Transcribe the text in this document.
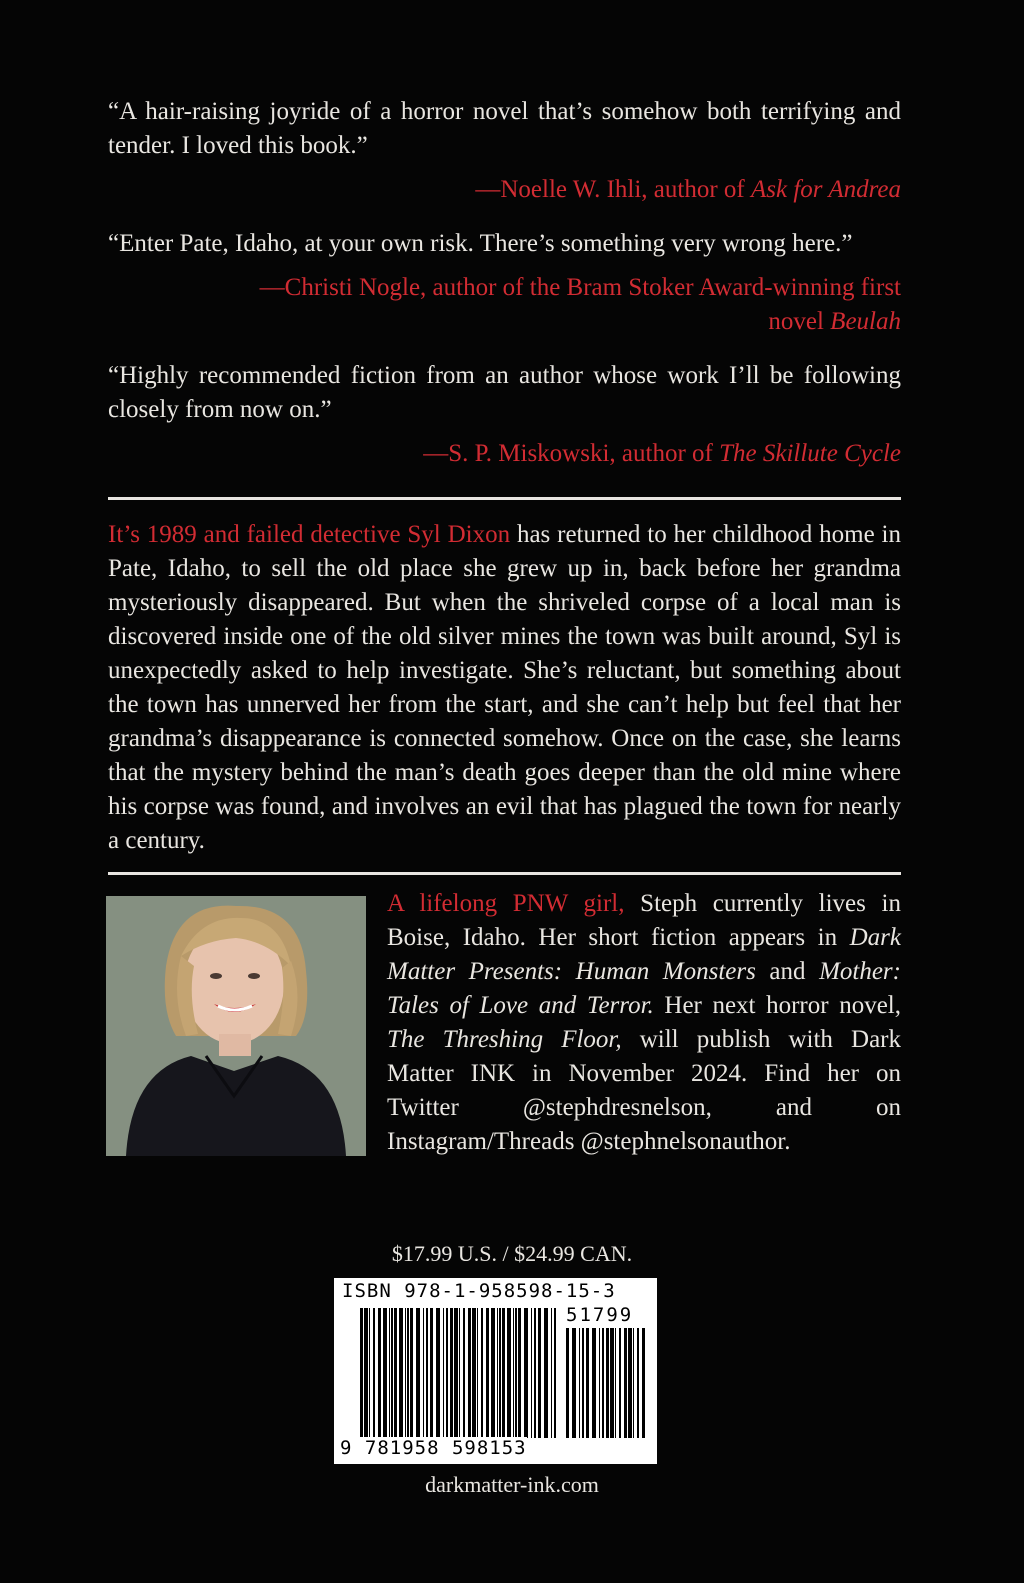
“A hair-raising joyride of a horror novel that’s somehow both terrifying and tender. I loved this book.”

—Noelle W. Ihli, author of Ask for Andrea

“Enter Pate, Idaho, at your own risk. There’s something very wrong here.”

—Christi Nogle, author of the Bram Stoker Award-winning first novel Beulah

“Highly recommended fiction from an author whose work I’ll be following closely from now on.”

—S. P. Miskowski, author of The Skillute Cycle

It’s 1989 and failed detective Syl Dixon has returned to her childhood home in Pate, Idaho, to sell the old place she grew up in, back before her grandma mysteriously disappeared. But when the shriveled corpse of a local man is discovered inside one of the old silver mines the town was built around, Syl is unexpectedly asked to help investigate. She’s reluctant, but something about the town has unnerved her from the start, and she can’t help but feel that her grandma’s disappearance is connected somehow. Once on the case, she learns that the mystery behind the man’s death goes deeper than the old mine where his corpse was found, and involves an evil that has plagued the town for nearly a century.

A lifelong PNW girl, Steph currently lives in Boise, Idaho. Her short fiction appears in Dark Matter Presents: Human Monsters and Mother: Tales of Love and Terror. Her next horror novel, The Threshing Floor, will publish with Dark Matter INK in November 2024. Find her on Twitter @stephdresnelson, and on Instagram/Threads @stephnelsonauthor.

$17.99 U.S. / $24.99 CAN.
ISBN 978-1-958598-15-3
51799
9 781958 598153
darkmatter-ink.com
